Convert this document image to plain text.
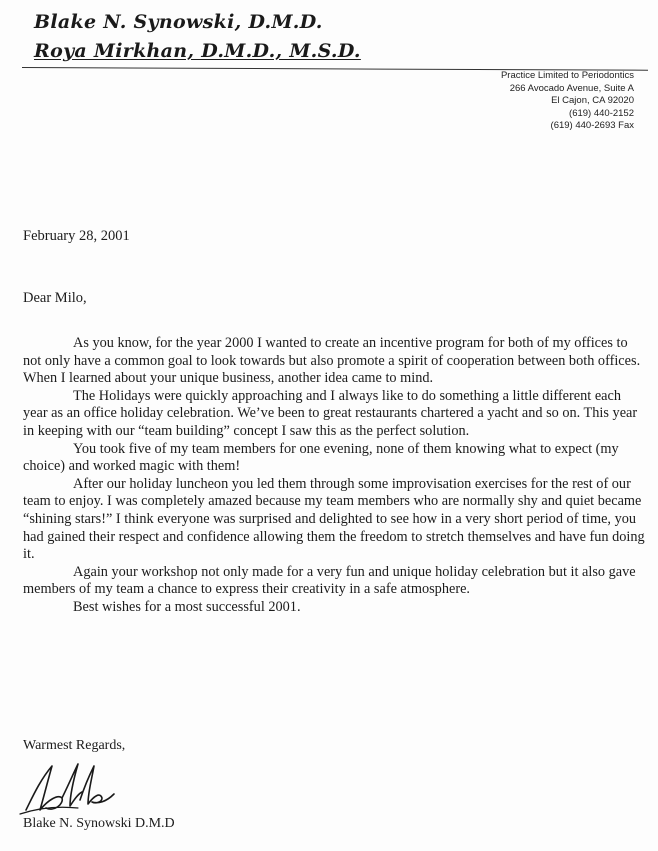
Blake N. Synowski, D.M.D.
Roya Mirkhan, D.M.D., M.S.D.
Practice Limited to Periodontics
266 Avocado Avenue, Suite A
El Cajon, CA 92020
(619) 440-2152
(619) 440-2693 Fax
February 28, 2001
Dear Milo,

As you know, for the year 2000 I wanted to create an incentive program for both of my offices to not only have a common goal to look towards but also promote a spirit of cooperation between both offices. When I learned about your unique business, another idea came to mind.

The Holidays were quickly approaching and I always like to do something a little different each year as an office holiday celebration. We’ve been to great restaurants chartered a yacht and so on. This year in keeping with our “team building” concept I saw this as the perfect solution.

You took five of my team members for one evening, none of them knowing what to expect (my choice) and worked magic with them!

After our holiday luncheon you led them through some improvisation exercises for the rest of our team to enjoy. I was completely amazed because my team members who are normally shy and quiet became “shining stars!” I think everyone was surprised and delighted to see how in a very short period of time, you had gained their respect and confidence allowing them the freedom to stretch themselves and have fun doing it.

Again your workshop not only made for a very fun and unique holiday celebration but it also gave members of my team a chance to express their creativity in a safe atmosphere.

Best wishes for a most successful 2001.

Warmest Regards,
Blake N. Synowski D.M.D
